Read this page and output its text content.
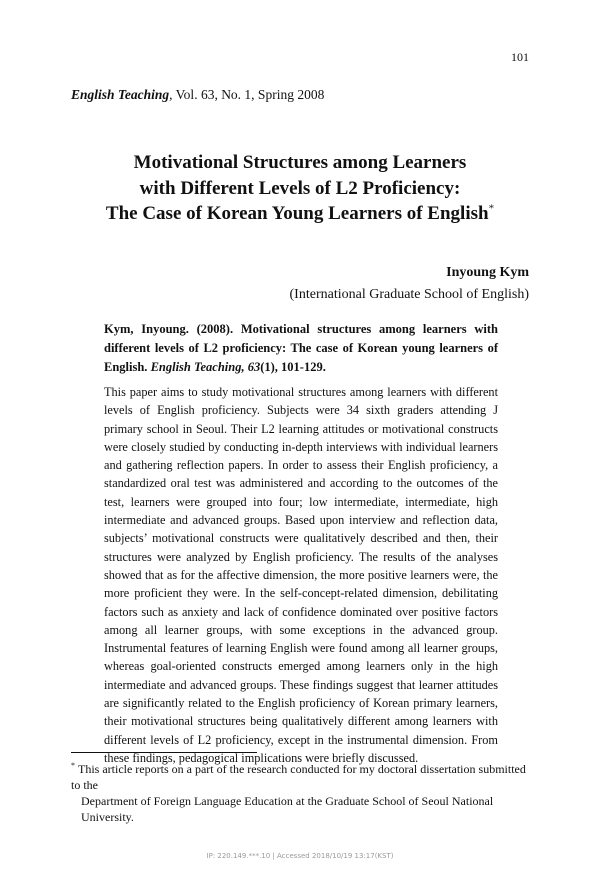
101
English Teaching, Vol. 63, No. 1, Spring 2008
Motivational Structures among Learners
with Different Levels of L2 Proficiency:
The Case of Korean Young Learners of English*
Inyoung Kym
(International Graduate School of English)
Kym, Inyoung. (2008). Motivational structures among learners with different levels of L2 proficiency: The case of Korean young learners of English. English Teaching, 63(1), 101-129.
This paper aims to study motivational structures among learners with different levels of English proficiency. Subjects were 34 sixth graders attending J primary school in Seoul. Their L2 learning attitudes or motivational constructs were closely studied by conducting in-depth interviews with individual learners and gathering reflection papers. In order to assess their English proficiency, a standardized oral test was administered and according to the outcomes of the test, learners were grouped into four; low intermediate, intermediate, high intermediate and advanced groups. Based upon interview and reflection data, subjects’ motivational constructs were qualitatively described and then, their structures were analyzed by English proficiency. The results of the analyses showed that as for the affective dimension, the more positive learners were, the more proficient they were. In the self-concept-related dimension, debilitating factors such as anxiety and lack of confidence dominated over positive factors among all learner groups, with some exceptions in the advanced group. Instrumental features of learning English were found among all learner groups, whereas goal-oriented constructs emerged among learners only in the high intermediate and advanced groups. These findings suggest that learner attitudes are significantly related to the English proficiency of Korean primary learners, their motivational structures being qualitatively different among learners with different levels of L2 proficiency, except in the instrumental dimension. From these findings, pedagogical implications were briefly discussed.
* This article reports on a part of the research conducted for my doctoral dissertation submitted to the
Department of Foreign Language Education at the Graduate School of Seoul National University.
IP: 220.149.***.10 | Accessed 2018/10/19 13:17(KST)
